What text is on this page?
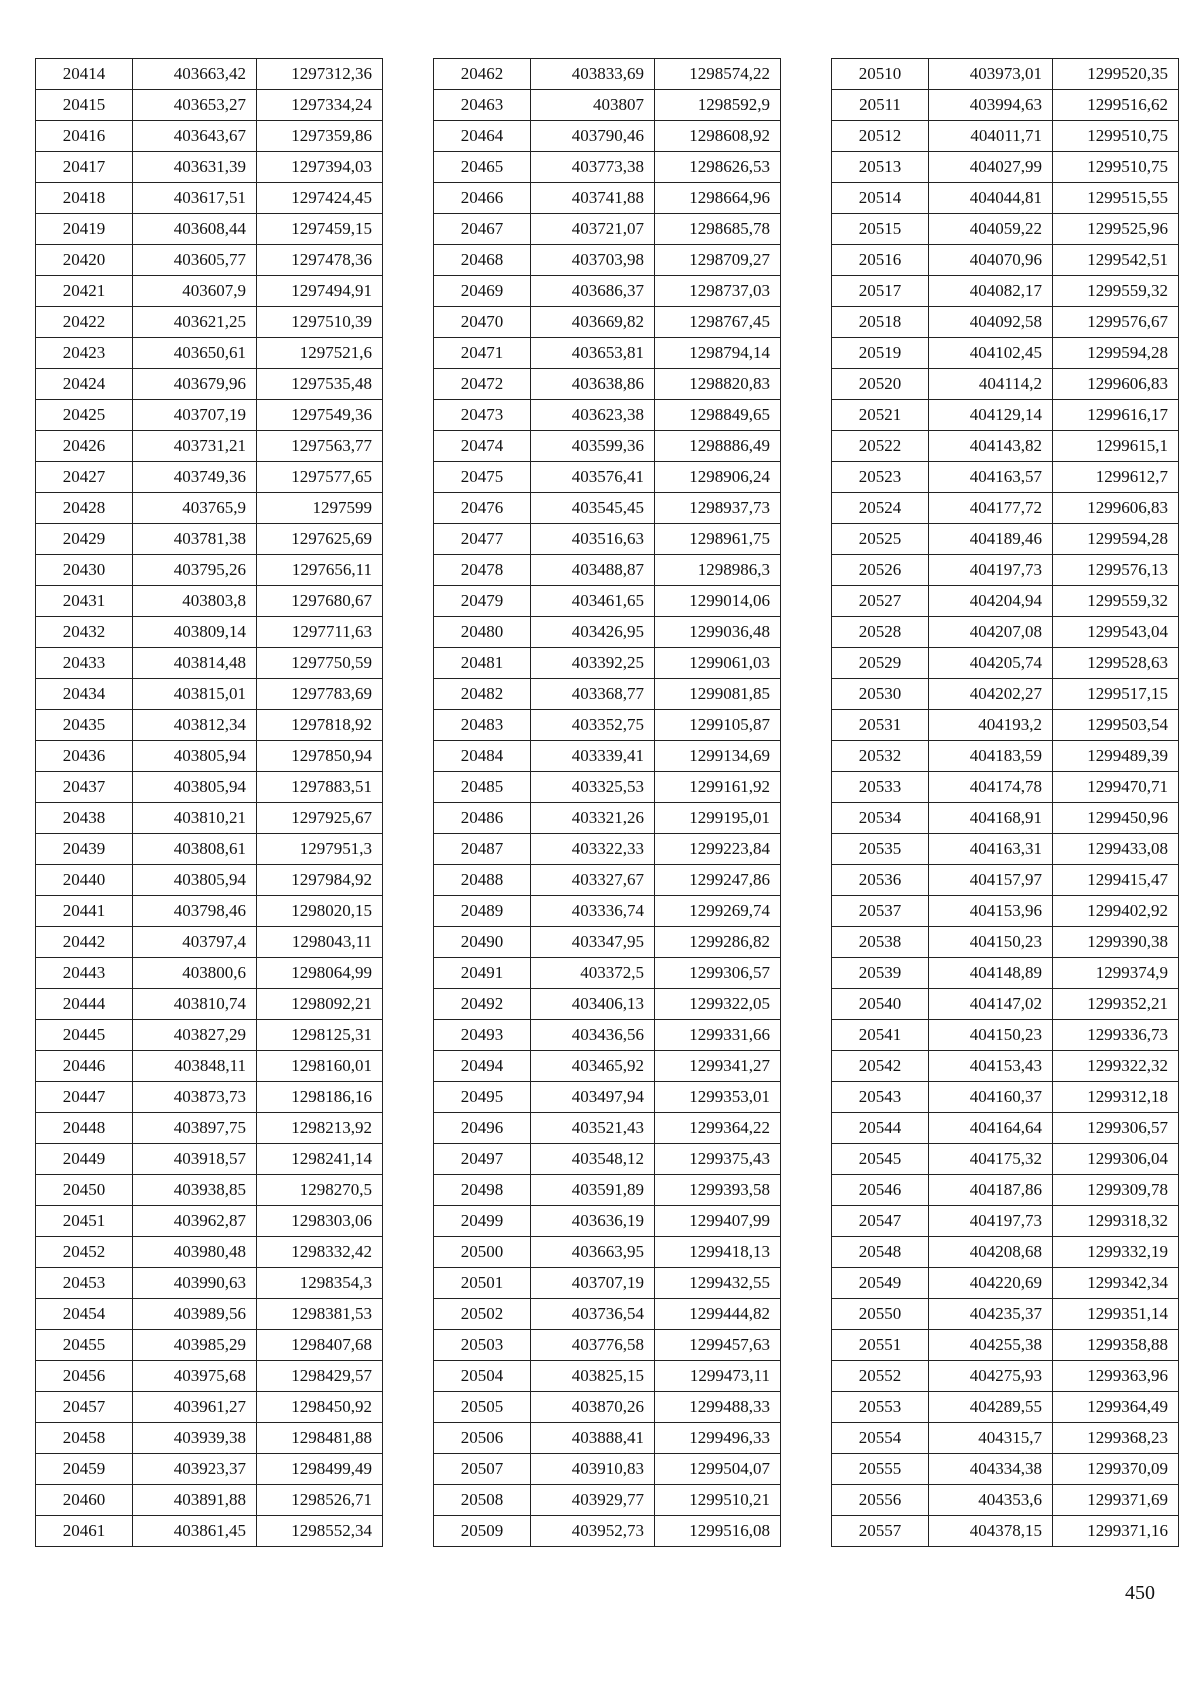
20414	403663,42	1297312,36
20415	403653,27	1297334,24
20416	403643,67	1297359,86
20417	403631,39	1297394,03
20418	403617,51	1297424,45
20419	403608,44	1297459,15
20420	403605,77	1297478,36
20421	403607,9	1297494,91
20422	403621,25	1297510,39
20423	403650,61	1297521,6
20424	403679,96	1297535,48
20425	403707,19	1297549,36
20426	403731,21	1297563,77
20427	403749,36	1297577,65
20428	403765,9	1297599
20429	403781,38	1297625,69
20430	403795,26	1297656,11
20431	403803,8	1297680,67
20432	403809,14	1297711,63
20433	403814,48	1297750,59
20434	403815,01	1297783,69
20435	403812,34	1297818,92
20436	403805,94	1297850,94
20437	403805,94	1297883,51
20438	403810,21	1297925,67
20439	403808,61	1297951,3
20440	403805,94	1297984,92
20441	403798,46	1298020,15
20442	403797,4	1298043,11
20443	403800,6	1298064,99
20444	403810,74	1298092,21
20445	403827,29	1298125,31
20446	403848,11	1298160,01
20447	403873,73	1298186,16
20448	403897,75	1298213,92
20449	403918,57	1298241,14
20450	403938,85	1298270,5
20451	403962,87	1298303,06
20452	403980,48	1298332,42
20453	403990,63	1298354,3
20454	403989,56	1298381,53
20455	403985,29	1298407,68
20456	403975,68	1298429,57
20457	403961,27	1298450,92
20458	403939,38	1298481,88
20459	403923,37	1298499,49
20460	403891,88	1298526,71
20461	403861,45	1298552,34
20462	403833,69	1298574,22
20463	403807	1298592,9
20464	403790,46	1298608,92
20465	403773,38	1298626,53
20466	403741,88	1298664,96
20467	403721,07	1298685,78
20468	403703,98	1298709,27
20469	403686,37	1298737,03
20470	403669,82	1298767,45
20471	403653,81	1298794,14
20472	403638,86	1298820,83
20473	403623,38	1298849,65
20474	403599,36	1298886,49
20475	403576,41	1298906,24
20476	403545,45	1298937,73
20477	403516,63	1298961,75
20478	403488,87	1298986,3
20479	403461,65	1299014,06
20480	403426,95	1299036,48
20481	403392,25	1299061,03
20482	403368,77	1299081,85
20483	403352,75	1299105,87
20484	403339,41	1299134,69
20485	403325,53	1299161,92
20486	403321,26	1299195,01
20487	403322,33	1299223,84
20488	403327,67	1299247,86
20489	403336,74	1299269,74
20490	403347,95	1299286,82
20491	403372,5	1299306,57
20492	403406,13	1299322,05
20493	403436,56	1299331,66
20494	403465,92	1299341,27
20495	403497,94	1299353,01
20496	403521,43	1299364,22
20497	403548,12	1299375,43
20498	403591,89	1299393,58
20499	403636,19	1299407,99
20500	403663,95	1299418,13
20501	403707,19	1299432,55
20502	403736,54	1299444,82
20503	403776,58	1299457,63
20504	403825,15	1299473,11
20505	403870,26	1299488,33
20506	403888,41	1299496,33
20507	403910,83	1299504,07
20508	403929,77	1299510,21
20509	403952,73	1299516,08
20510	403973,01	1299520,35
20511	403994,63	1299516,62
20512	404011,71	1299510,75
20513	404027,99	1299510,75
20514	404044,81	1299515,55
20515	404059,22	1299525,96
20516	404070,96	1299542,51
20517	404082,17	1299559,32
20518	404092,58	1299576,67
20519	404102,45	1299594,28
20520	404114,2	1299606,83
20521	404129,14	1299616,17
20522	404143,82	1299615,1
20523	404163,57	1299612,7
20524	404177,72	1299606,83
20525	404189,46	1299594,28
20526	404197,73	1299576,13
20527	404204,94	1299559,32
20528	404207,08	1299543,04
20529	404205,74	1299528,63
20530	404202,27	1299517,15
20531	404193,2	1299503,54
20532	404183,59	1299489,39
20533	404174,78	1299470,71
20534	404168,91	1299450,96
20535	404163,31	1299433,08
20536	404157,97	1299415,47
20537	404153,96	1299402,92
20538	404150,23	1299390,38
20539	404148,89	1299374,9
20540	404147,02	1299352,21
20541	404150,23	1299336,73
20542	404153,43	1299322,32
20543	404160,37	1299312,18
20544	404164,64	1299306,57
20545	404175,32	1299306,04
20546	404187,86	1299309,78
20547	404197,73	1299318,32
20548	404208,68	1299332,19
20549	404220,69	1299342,34
20550	404235,37	1299351,14
20551	404255,38	1299358,88
20552	404275,93	1299363,96
20553	404289,55	1299364,49
20554	404315,7	1299368,23
20555	404334,38	1299370,09
20556	404353,6	1299371,69
20557	404378,15	1299371,16
450
